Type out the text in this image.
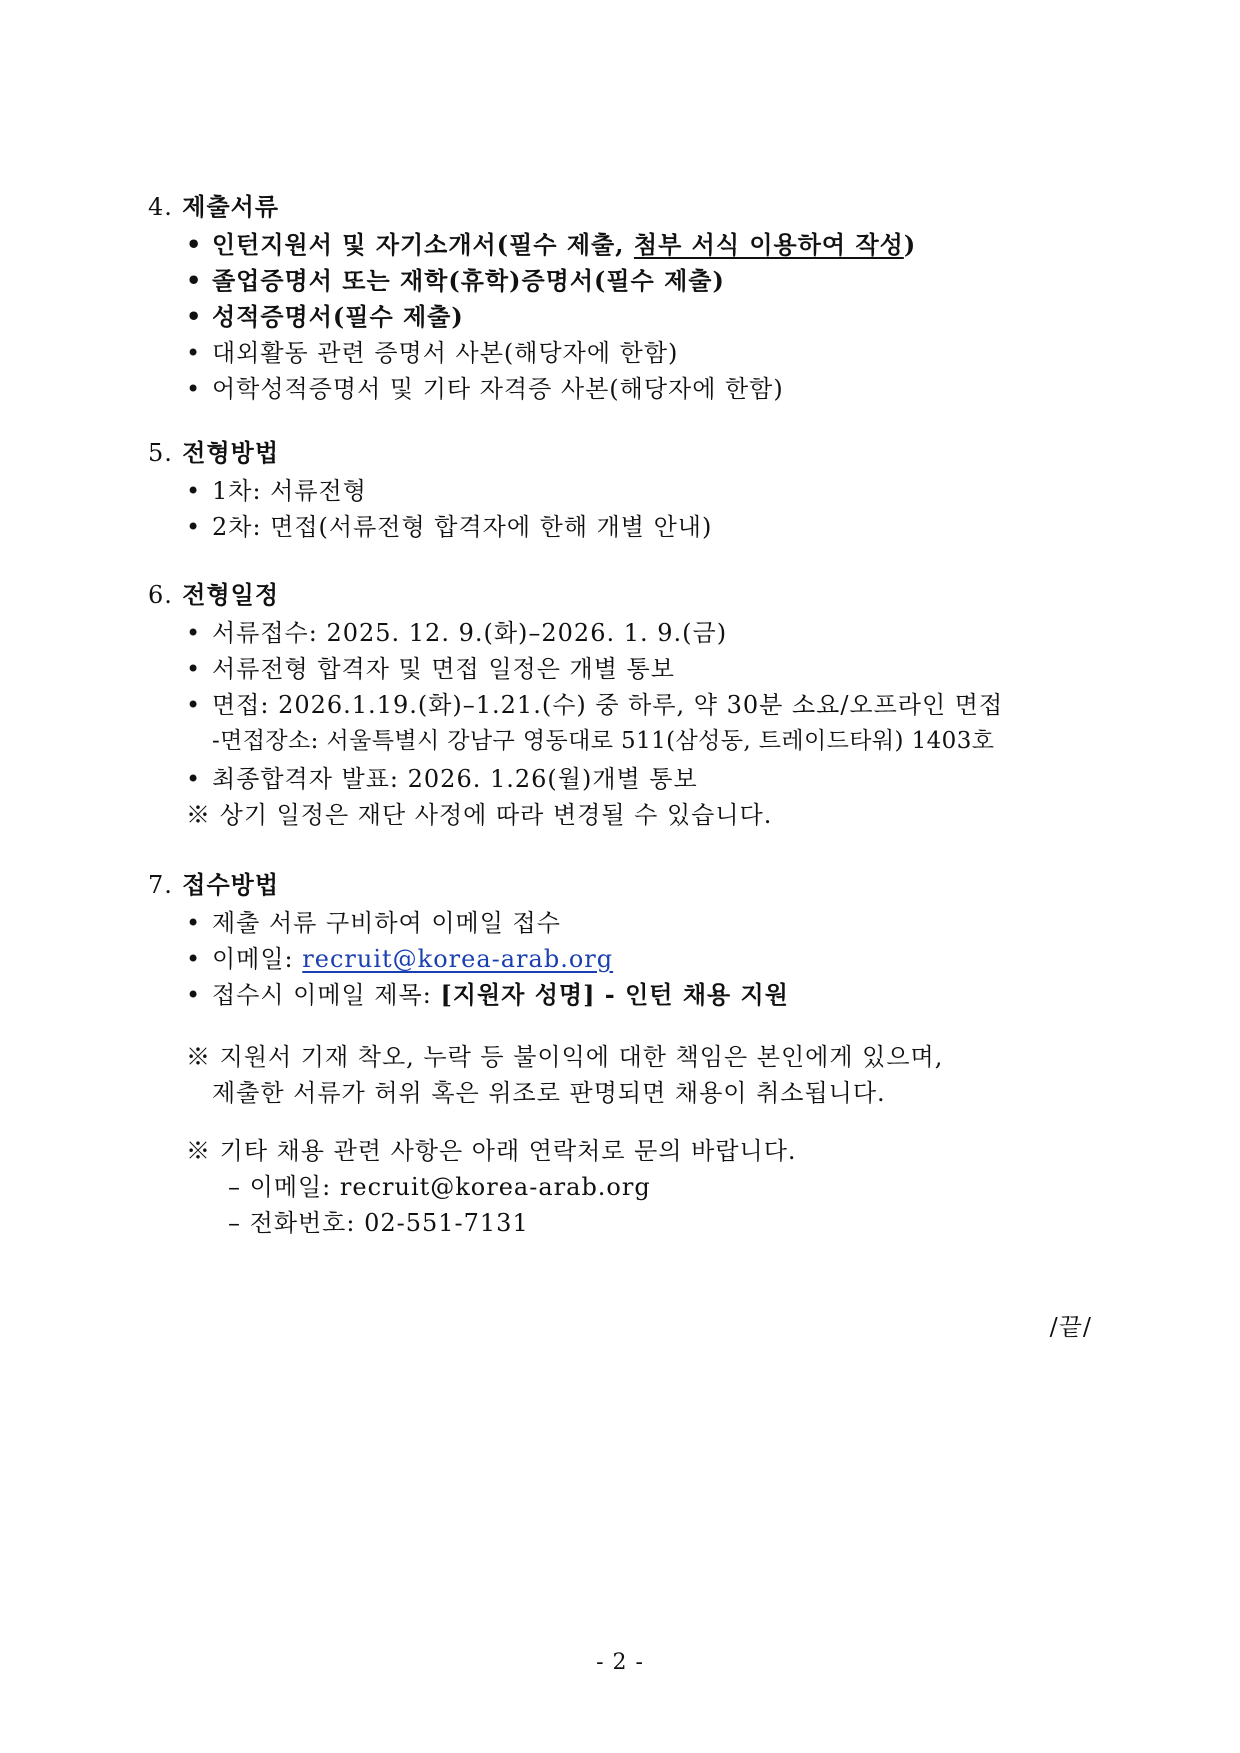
4. 제출서류
• 인턴지원서 및 자기소개서(필수 제출, 첨부 서식 이용하여 작성)
• 졸업증명서 또는 재학(휴학)증명서(필수 제출)
• 성적증명서(필수 제출)
• 대외활동 관련 증명서 사본(해당자에 한함)
• 어학성적증명서 및 기타 자격증 사본(해당자에 한함)
5. 전형방법
• 1차: 서류전형
• 2차: 면접(서류전형 합격자에 한해 개별 안내)
6. 전형일정
• 서류접수: 2025. 12. 9.(화)–2026. 1. 9.(금)
• 서류전형 합격자 및 면접 일정은 개별 통보
• 면접: 2026.1.19.(화)–1.21.(수) 중 하루, 약 30분 소요/오프라인 면접
-면접장소: 서울특별시 강남구 영동대로 511(삼성동, 트레이드타워) 1403호
• 최종합격자 발표: 2026. 1.26(월)개별 통보
※ 상기 일정은 재단 사정에 따라 변경될 수 있습니다.
7. 접수방법
• 제출 서류 구비하여 이메일 접수
• 이메일: recruit@korea-arab.org
• 접수시 이메일 제목: [지원자 성명] - 인턴 채용 지원
※ 지원서 기재 착오, 누락 등 불이익에 대한 책임은 본인에게 있으며,
제출한 서류가 허위 혹은 위조로 판명되면 채용이 취소됩니다.
※ 기타 채용 관련 사항은 아래 연락처로 문의 바랍니다.
– 이메일: recruit@korea-arab.org
– 전화번호: 02-551-7131
/끝/
- 2 -
